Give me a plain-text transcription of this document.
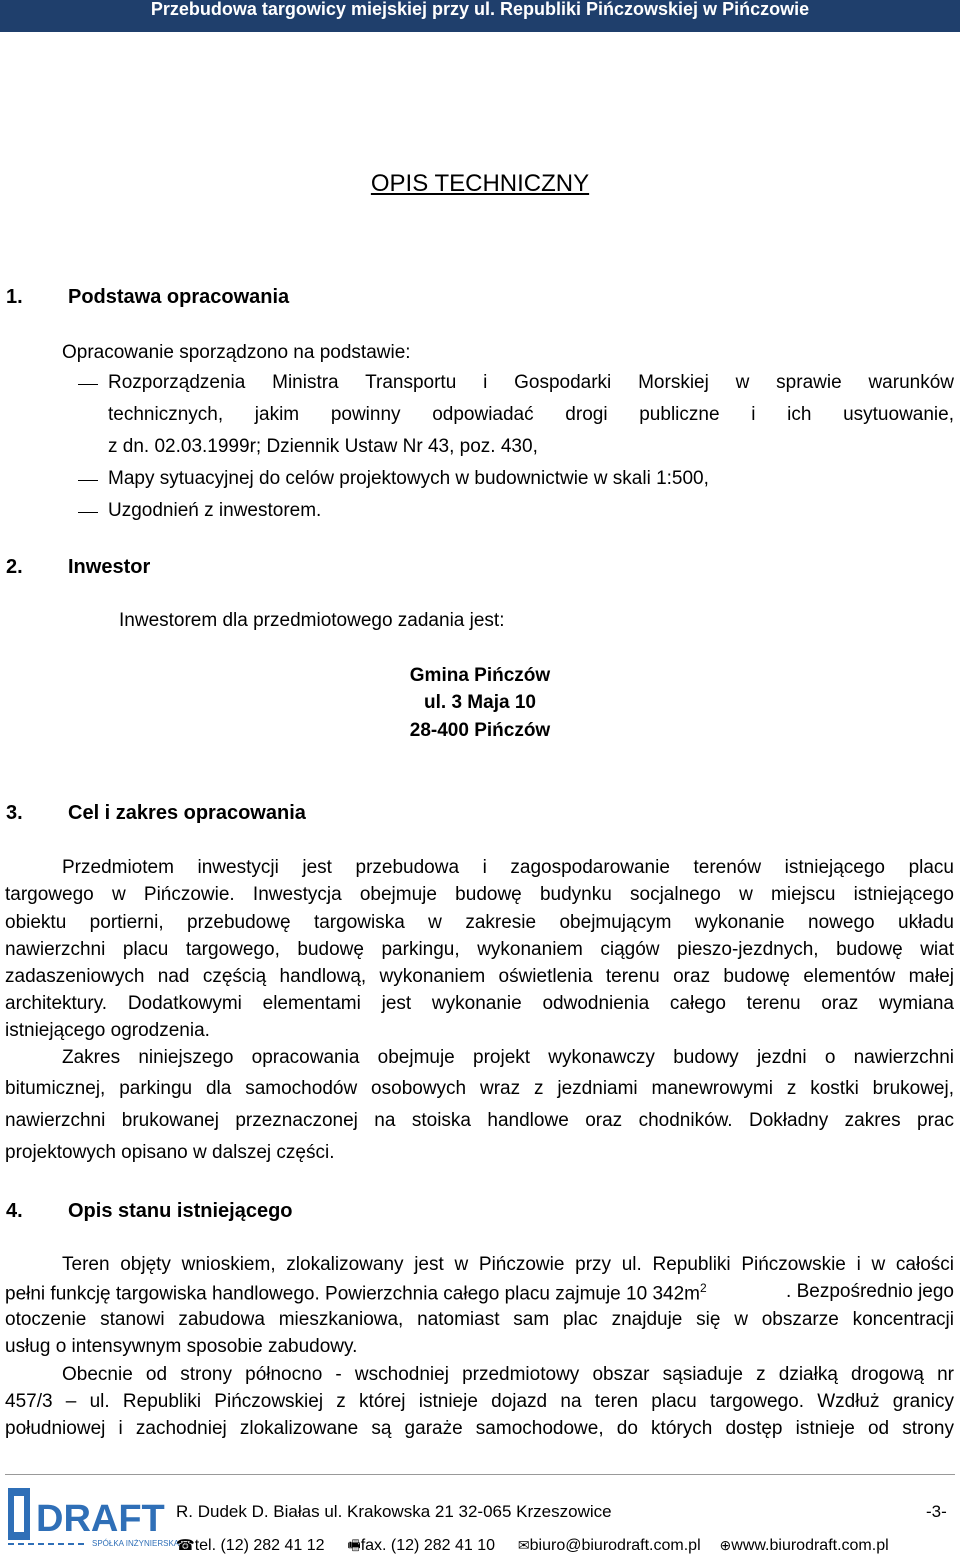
Przebudowa targowicy miejskiej przy ul. Republiki Pińczowskiej w Pińczowie
OPIS TECHNICZNY
1. Podstawa opracowania
Opracowanie sporządzono na podstawie:
Rozporządzenia Ministra Transportu i Gospodarki Morskiej w sprawie warunków
technicznych, jakim powinny odpowiadać drogi publiczne i ich usytuowanie,
z dn. 02.03.1999r; Dziennik Ustaw Nr 43, poz. 430,
Mapy sytuacyjnej do celów projektowych w budownictwie w skali 1:500,
Uzgodnień z inwestorem.
2. Inwestor
Inwestorem dla przedmiotowego zadania jest:
Gmina Pińczów
ul. 3 Maja 10
28-400 Pińczów
3. Cel i zakres opracowania
Przedmiotem inwestycji jest przebudowa i zagospodarowanie terenów istniejącego placu
targowego w Pińczowie. Inwestycja obejmuje budowę budynku socjalnego w miejscu istniejącego
obiektu portierni, przebudowę targowiska w zakresie obejmującym wykonanie nowego układu
nawierzchni placu targowego, budowę parkingu, wykonaniem ciągów pieszo-jezdnych, budowę wiat
zadaszeniowych nad częścią handlową, wykonaniem oświetlenia terenu oraz budowę elementów małej
architektury. Dodatkowymi elementami jest wykonanie odwodnienia całego terenu oraz wymiana
istniejącego ogrodzenia.
Zakres niniejszego opracowania obejmuje projekt wykonawczy budowy jezdni o nawierzchni
bitumicznej, parkingu dla samochodów osobowych wraz z jezdniami manewrowymi z kostki brukowej,
nawierzchni brukowanej przeznaczonej na stoiska handlowe oraz chodników. Dokładny zakres prac
projektowych opisano w dalszej części.
4. Opis stanu istniejącego
Teren objęty wnioskiem, zlokalizowany jest w Pińczowie przy ul. Republiki Pińczowskie i w całości
pełni funkcję targowiska handlowego. Powierzchnia całego placu zajmuje 10 $342m^2$	. Bezpośrednio jego
otoczenie stanowi zabudowa mieszkaniowa, natomiast sam plac znajduje się w obszarze koncentracji
usług o intensywnym sposobie zabudowy.
Obecnie od strony północno - wschodniej przedmiotowy obszar sąsiaduje z działką drogową nr
457/3 – ul. Republiki Pińczowskiej z której istnieje dojazd na teren placu targowego. Wzdłuż granicy
południowej i zachodniej zlokalizowane są garaże samochodowe, do których dostęp istnieje od strony
DRAFT
SPÓŁKA INŻYNIERSKA
R. Dudek D. Białas ul. Krakowska 21 32-065 Krzeszowice	-3-
☎tel. (12) 282 41 12 🖷fax. (12) 282 41 10 ✉biuro@biurodraft.com.pl ⊕www.biurodraft.com.pl
